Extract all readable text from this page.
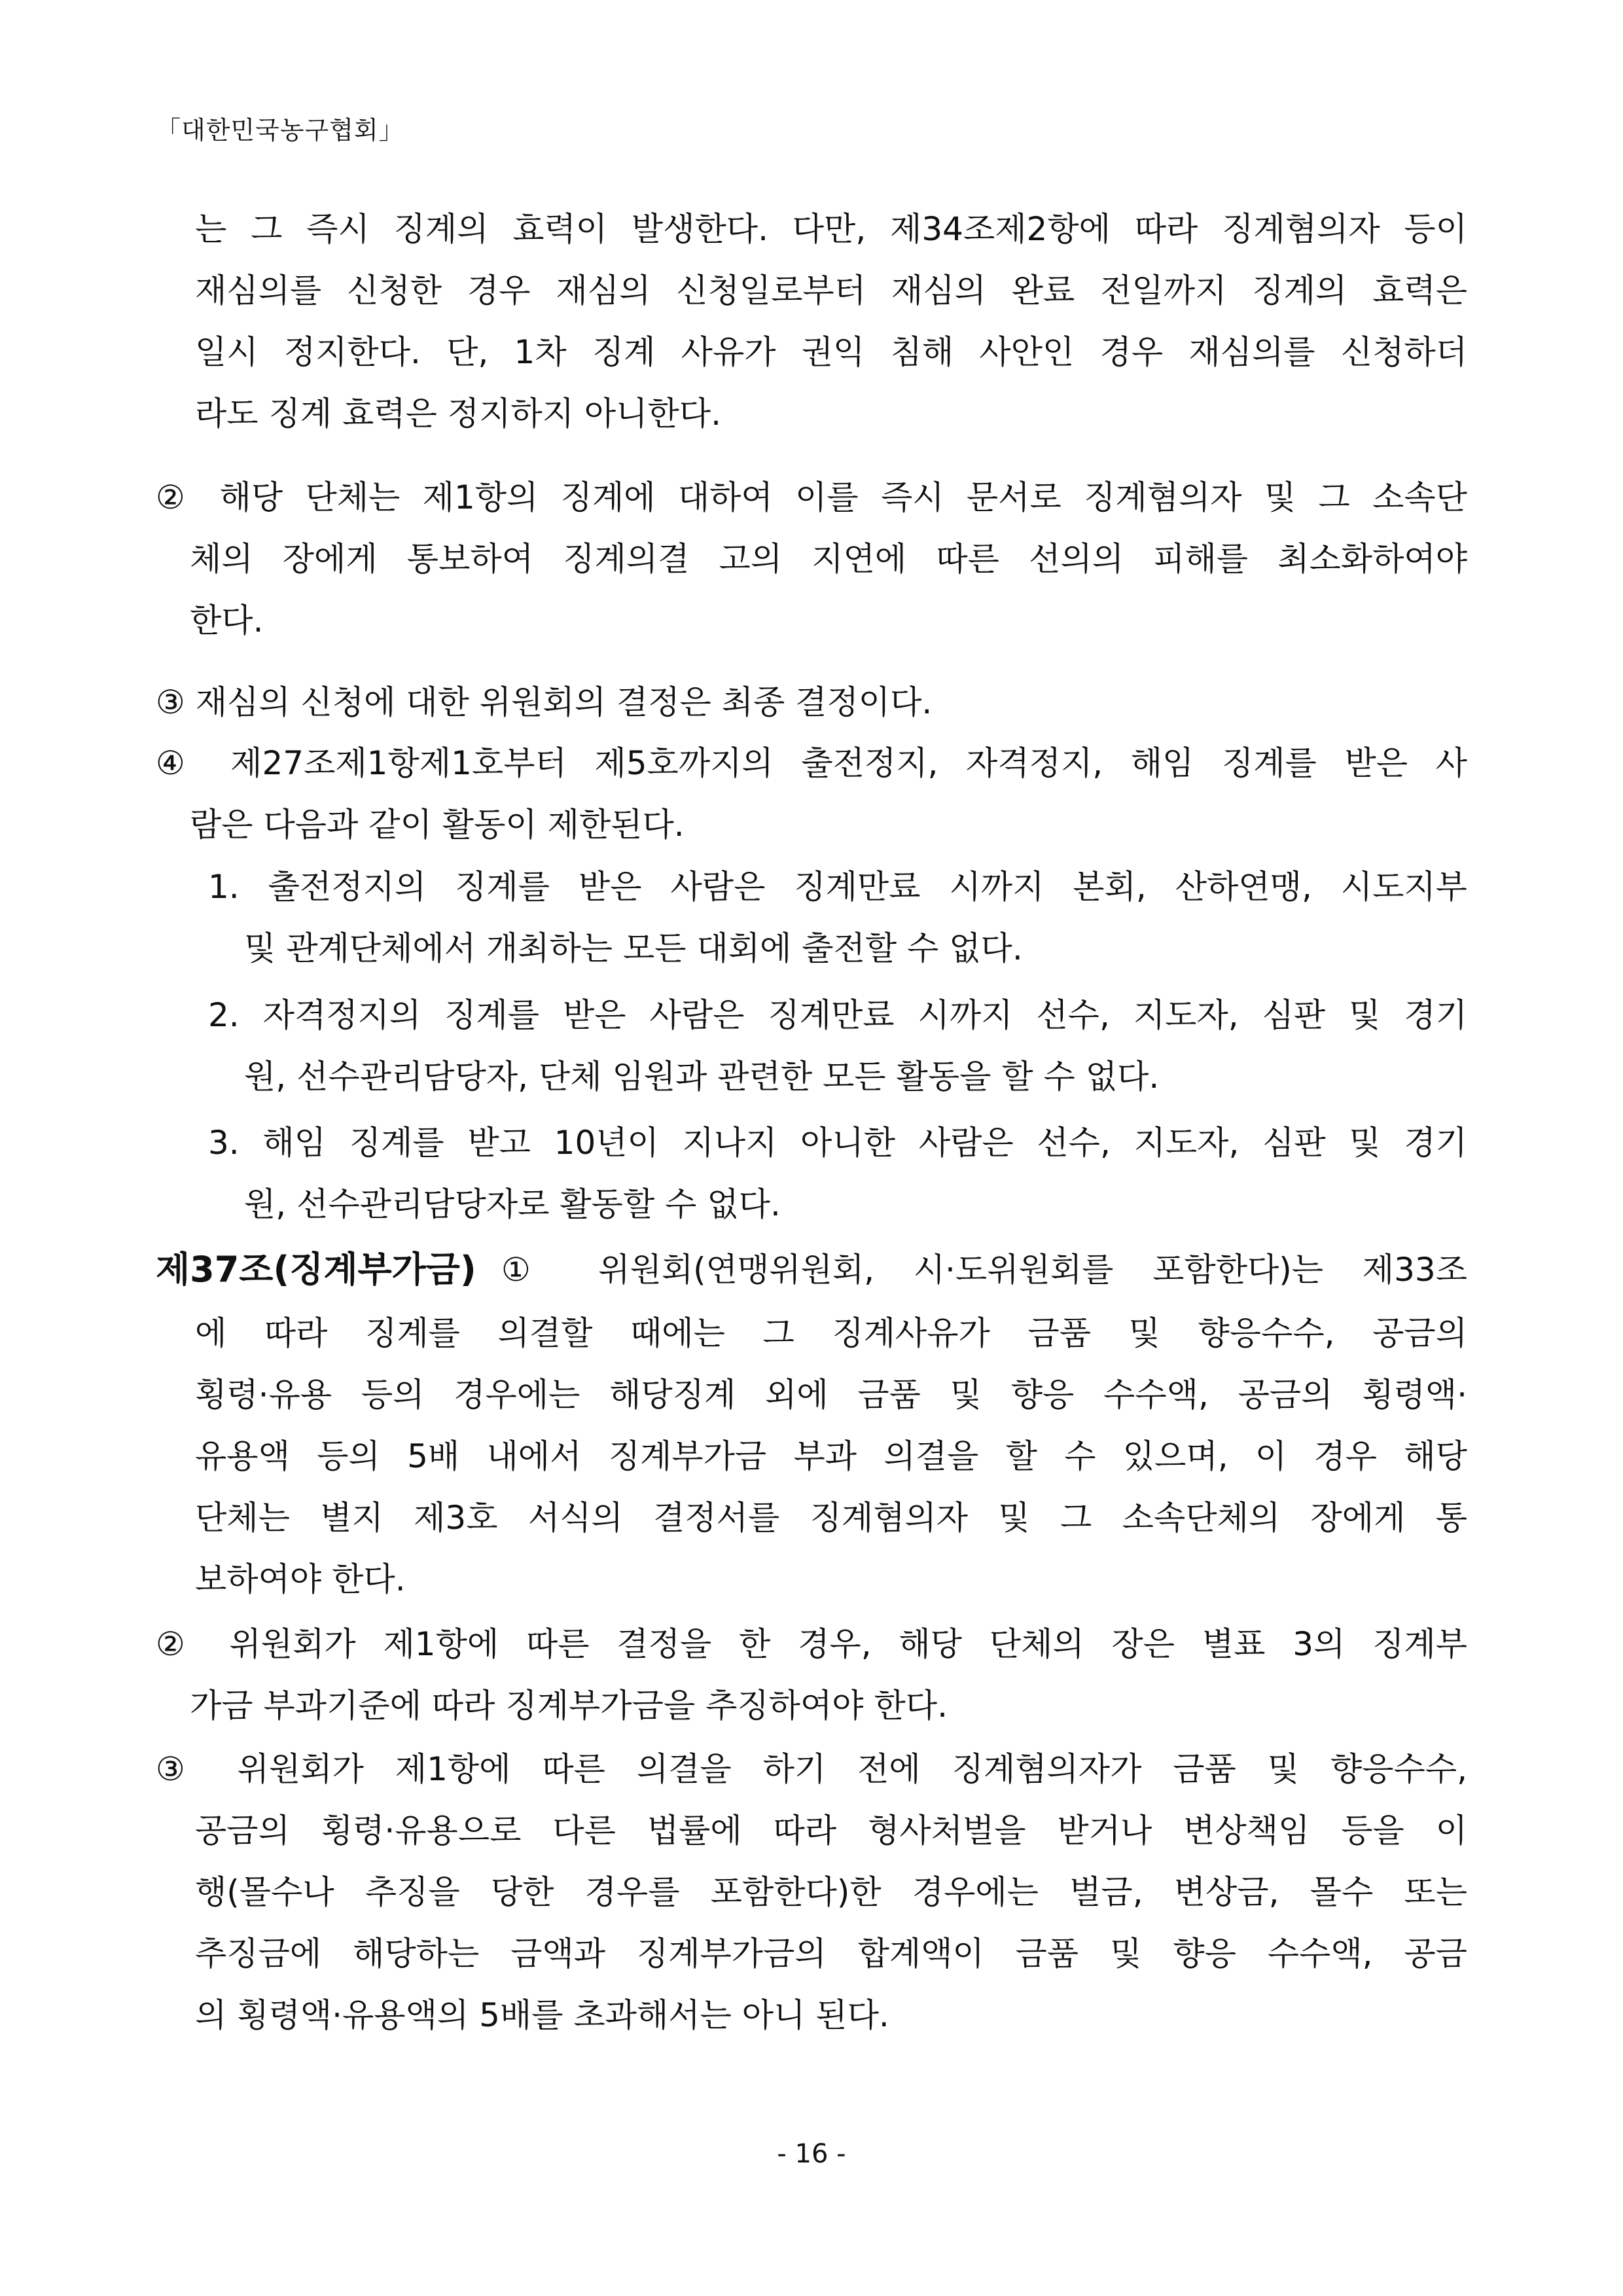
「대한민국농구협회」

는 그 즉시 징계의 효력이 발생한다. 다만, 제34조제2항에 따라 징계혐의자 등이

재심의를 신청한 경우 재심의 신청일로부터 재심의 완료 전일까지 징계의 효력은

일시 정지한다. 단, 1차 징계 사유가 권익 침해 사안인 경우 재심의를 신청하더

라도 징계 효력은 정지하지 아니한다.

② 해당 단체는 제1항의 징계에 대하여 이를 즉시 문서로 징계혐의자 및 그 소속단

체의 장에게 통보하여 징계의결 고의 지연에 따른 선의의 피해를 최소화하여야

한다.

③ 재심의 신청에 대한 위원회의 결정은 최종 결정이다.

④ 제27조제1항제1호부터 제5호까지의 출전정지, 자격정지, 해임 징계를 받은 사

람은 다음과 같이 활동이 제한된다.

1. 출전정지의 징계를 받은 사람은 징계만료 시까지 본회, 산하연맹, 시도지부

및 관계단체에서 개최하는 모든 대회에 출전할 수 없다.

2. 자격정지의 징계를 받은 사람은 징계만료 시까지 선수, 지도자, 심판 및 경기

원, 선수관리담당자, 단체 임원과 관련한 모든 활동을 할 수 없다.

3. 해임 징계를 받고 10년이 지나지 아니한 사람은 선수, 지도자, 심판 및 경기

원, 선수관리담당자로 활동할 수 없다.

제37조(징계부가금) ① 위원회(연맹위원회, 시·도위원회를 포함한다)는 제33조

에 따라 징계를 의결할 때에는 그 징계사유가 금품 및 향응수수, 공금의

횡령·유용 등의 경우에는 해당징계 외에 금품 및 향응 수수액, 공금의 횡령액·

유용액 등의 5배 내에서 징계부가금 부과 의결을 할 수 있으며, 이 경우 해당

단체는 별지 제3호 서식의 결정서를 징계혐의자 및 그 소속단체의 장에게 통

보하여야 한다.

② 위원회가 제1항에 따른 결정을 한 경우, 해당 단체의 장은 별표 3의 징계부

가금 부과기준에 따라 징계부가금을 추징하여야 한다.

③ 위원회가 제1항에 따른 의결을 하기 전에 징계혐의자가 금품 및 향응수수,

공금의 횡령·유용으로 다른 법률에 따라 형사처벌을 받거나 변상책임 등을 이

행(몰수나 추징을 당한 경우를 포함한다)한 경우에는 벌금, 변상금, 몰수 또는

추징금에 해당하는 금액과 징계부가금의 합계액이 금품 및 향응 수수액, 공금

의 횡령액·유용액의 5배를 초과해서는 아니 된다.

- 16 -
